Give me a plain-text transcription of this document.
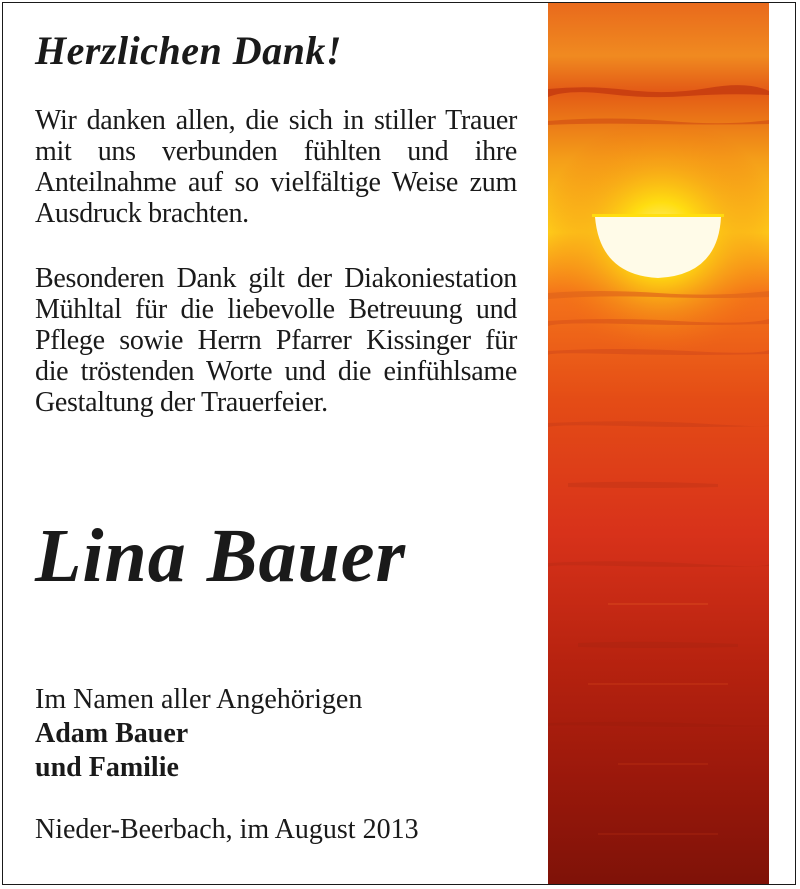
Herzlichen Dank!

Wir danken allen, die sich in stiller Trauer mit uns verbunden fühlten und ihre Anteilnahme auf so vielfältige Weise zum Ausdruck brachten.

Besonderen Dank gilt der Diakoniestation Mühltal für die liebevolle Betreuung und Pflege sowie Herrn Pfarrer Kissinger für die tröstenden Worte und die einfühlsame Gestaltung der Trauerfeier.

Lina Bauer
Im Namen aller Angehörigen
Adam Bauer
und Familie
Nieder-Beerbach, im August 2013
